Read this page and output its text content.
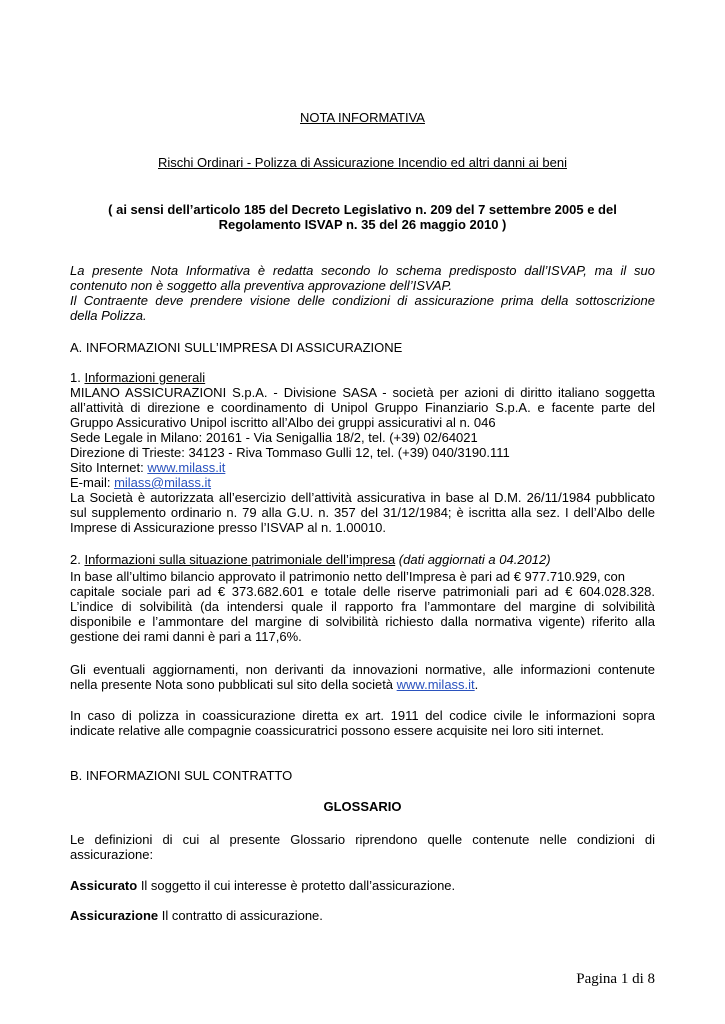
NOTA INFORMATIVA
Rischi Ordinari - Polizza di Assicurazione Incendio ed altri danni ai beni
( ai sensi dell’articolo 185 del Decreto Legislativo n. 209 del 7 settembre 2005 e del
Regolamento ISVAP n. 35 del 26 maggio 2010 )
La presente Nota Informativa è redatta secondo lo schema predisposto dall’ISVAP, ma il suo
contenuto non è soggetto alla preventiva approvazione dell’ISVAP.
Il Contraente deve prendere visione delle condizioni di assicurazione prima della sottoscrizione
della Polizza.
A. INFORMAZIONI SULL’IMPRESA DI ASSICURAZIONE
1. Informazioni generali
MILANO ASSICURAZIONI S.p.A. - Divisione SASA - società per azioni di diritto italiano soggetta
all’attività di direzione e coordinamento di Unipol Gruppo Finanziario S.p.A. e facente parte del
Gruppo Assicurativo Unipol iscritto all’Albo dei gruppi assicurativi al n. 046
Sede Legale in Milano: 20161 - Via Senigallia 18/2, tel. (+39) 02/64021
Direzione di Trieste: 34123 - Riva Tommaso Gulli 12, tel. (+39) 040/3190.111
Sito Internet: www.milass.it
E-mail: milass@milass.it
La Società è autorizzata all’esercizio dell’attività assicurativa in base al D.M. 26/11/1984 pubblicato
sul supplemento ordinario n. 79 alla G.U. n. 357 del 31/12/1984; è iscritta alla sez. I dell’Albo delle
Imprese di Assicurazione presso l’ISVAP al n. 1.00010.
2. Informazioni sulla situazione patrimoniale dell’impresa (dati aggiornati a 04.2012)
In base all’ultimo bilancio approvato il patrimonio netto dell’Impresa è pari ad € 977.710.929, con
capitale sociale pari ad € 373.682.601 e totale delle riserve patrimoniali pari ad € 604.028.328.
L’indice di solvibilità (da intendersi quale il rapporto fra l’ammontare del margine di solvibilità
disponibile e l’ammontare del margine di solvibilità richiesto dalla normativa vigente) riferito alla
gestione dei rami danni è pari a 117,6%.
Gli eventuali aggiornamenti, non derivanti da innovazioni normative, alle informazioni contenute
nella presente Nota sono pubblicati sul sito della società www.milass.it.
In caso di polizza in coassicurazione diretta ex art. 1911 del codice civile le informazioni sopra
indicate relative alle compagnie coassicuratrici possono essere acquisite nei loro siti internet.
B. INFORMAZIONI SUL CONTRATTO
GLOSSARIO
Le definizioni di cui al presente Glossario riprendono quelle contenute nelle condizioni di
assicurazione:
Assicurato Il soggetto il cui interesse è protetto dall’assicurazione.
Assicurazione Il contratto di assicurazione.
Pagina 1 di 8
